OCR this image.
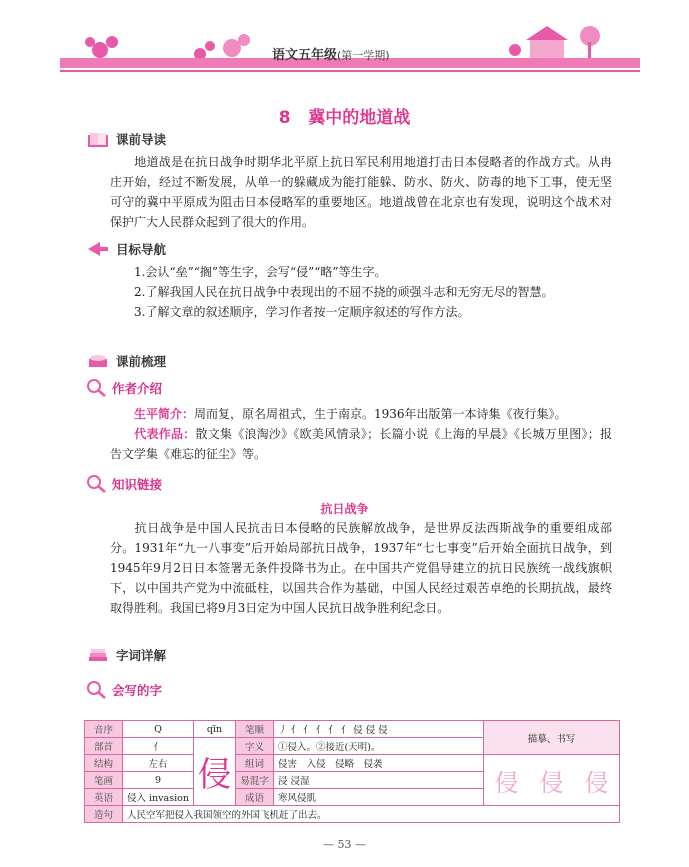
语文五年级(第一学期)
8 冀中的地道战
课前导读
地道战是在抗日战争时期华北平原上抗日军民利用地道打击日本侵略者的作战方式。从冉庄开始，经过不断发展，从单一的躲藏成为能打能躲、防水、防火、防毒的地下工事，使无坚可守的冀中平原成为阻击日本侵略军的重要地区。地道战曾在北京也有发现，说明这个战术对保护广大人民群众起到了很大的作用。
目标导航
1.会认“垒”“搁”等生字，会写“侵”“略”等生字。
2.了解我国人民在抗日战争中表现出的不屈不挠的顽强斗志和无穷无尽的智慧。
3.了解文章的叙述顺序，学习作者按一定顺序叙述的写作方法。
课前梳理
作者介绍
生平简介：周而复，原名周祖式，生于南京。1936年出版第一本诗集《夜行集》。
代表作品：散文集《浪淘沙》《欧美风情录》；长篇小说《上海的早晨》《长城万里图》；报告文学集《难忘的征尘》等。
知识链接
抗日战争
抗日战争是中国人民抗击日本侵略的民族解放战争，是世界反法西斯战争的重要组成部分。1931年“九一八事变”后开始局部抗日战争，1937年“七七事变”后开始全面抗日战争，到1945年9月2日日本签署无条件投降书为止。在中国共产党倡导建立的抗日民族统一战线旗帜下，以中国共产党为中流砥柱，以国共合作为基础，中国人民经过艰苦卓绝的长期抗战，最终取得胜利。我国已将9月3日定为中国人民抗日战争胜利纪念日。
字词详解
会写的字
音序	Q	qīn	笔顺	丿 亻 亻 亻 亻 亻 侵 侵 侵	描摹、书写
部首	亻	侵	字义	①侵入。②接近(天明)。	
结构	左右		组词	侵害　入侵　侵略　侵袭	侵 侵 侵

笔画	9		易混字	浸 浸湿	
英语	侵入 invasion		成语	寒风侵肌	
造句	人民空军把侵入我国领空的外国飞机赶了出去。				
— 53 —
